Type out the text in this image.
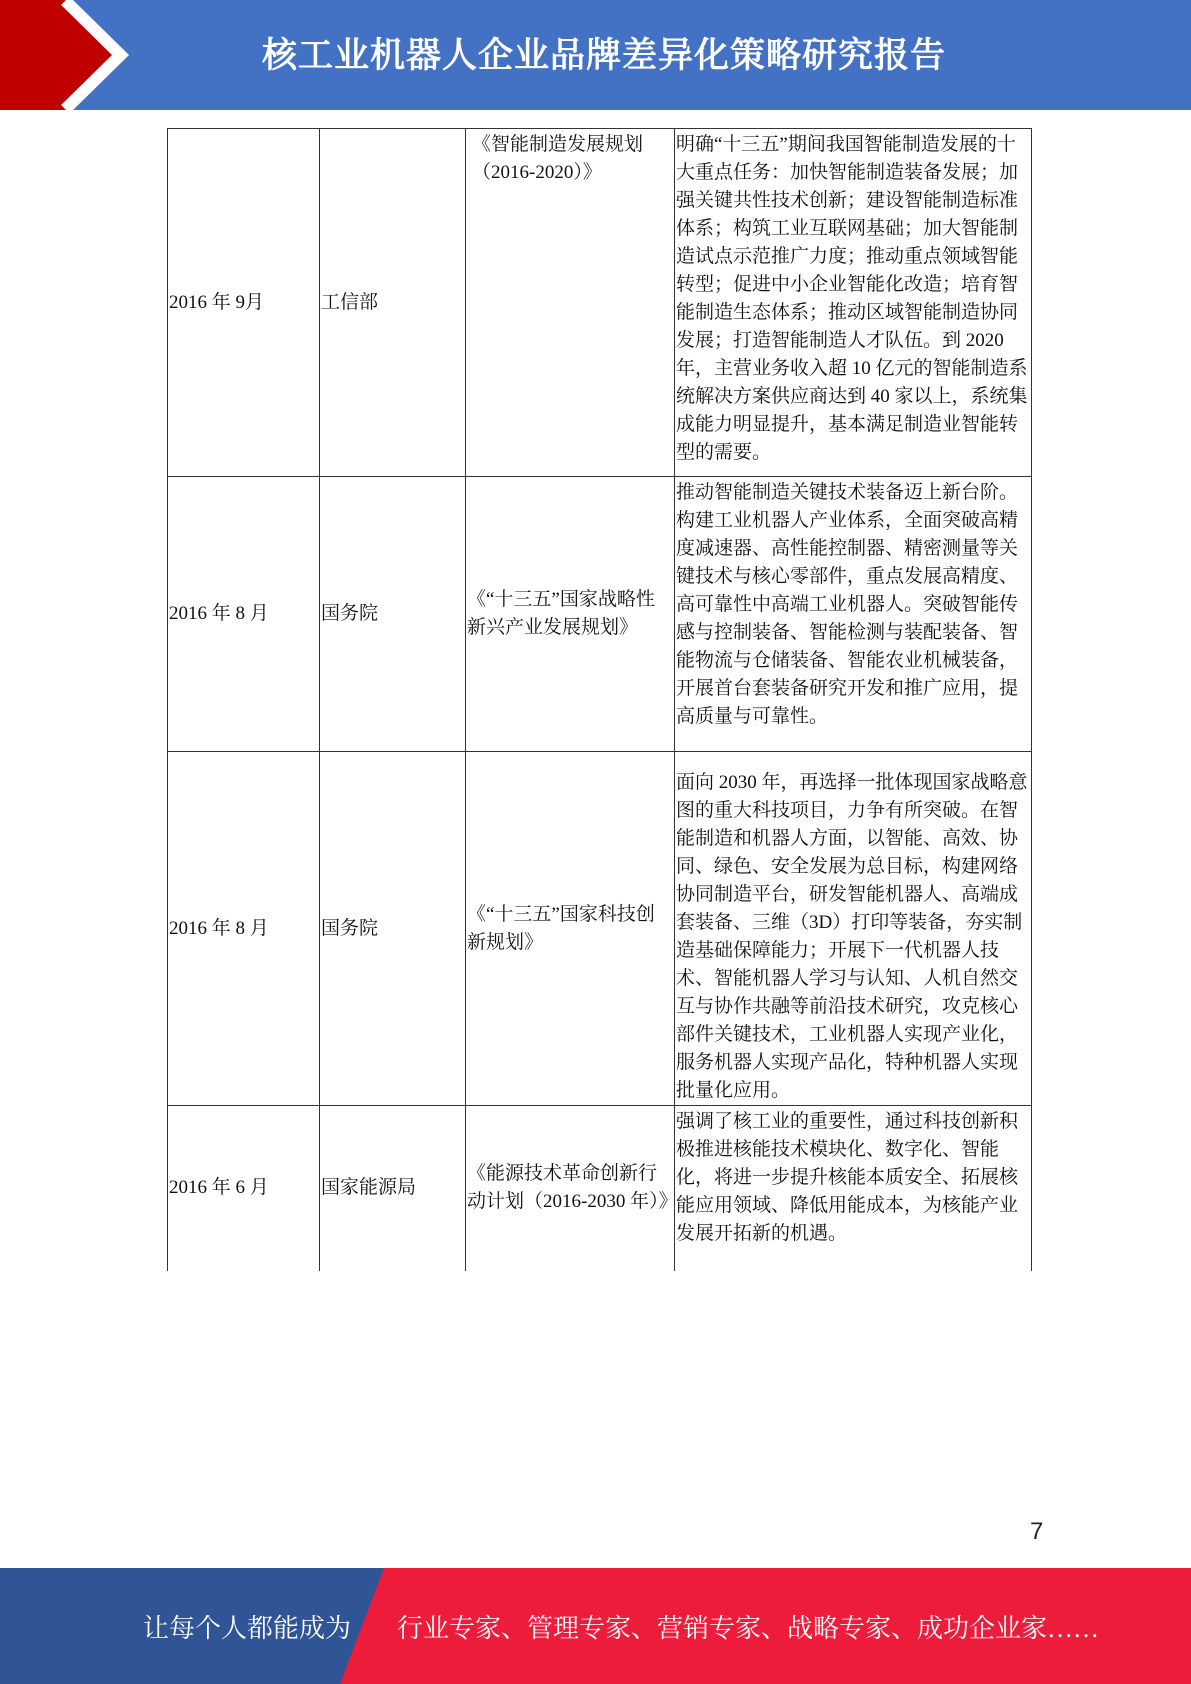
核工业机器人企业品牌差异化策略研究报告
2016 年 9月	工信部	《智能制造发展规划（2016-2020）》	明确“十三五”期间我国智能制造发展的十大重点任务：加快智能制造装备发展；加强关键共性技术创新；建设智能制造标准体系；构筑工业互联网基础；加大智能制造试点示范推广力度；推动重点领域智能转型；促进中小企业智能化改造；培育智能制造生态体系；推动区域智能制造协同发展；打造智能制造人才队伍。到 2020 年，主营业务收入超 10 亿元的智能制造系统解决方案供应商达到 40 家以上，系统集成能力明显提升，基本满足制造业智能转型的需要。
2016 年 8 月	国务院	《“十三五”国家战略性新兴产业发展规划》	推动智能制造关键技术装备迈上新台阶。构建工业机器人产业体系，全面突破高精度减速器、高性能控制器、精密测量等关键技术与核心零部件，重点发展高精度、高可靠性中高端工业机器人。突破智能传感与控制装备、智能检测与装配装备、智能物流与仓储装备、智能农业机械装备，开展首台套装备研究开发和推广应用，提高质量与可靠性。
2016 年 8 月	国务院	《“十三五”国家科技创新规划》	面向 2030 年，再选择一批体现国家战略意图的重大科技项目，力争有所突破。在智能制造和机器人方面，以智能、高效、协同、绿色、安全发展为总目标，构建网络协同制造平台，研发智能机器人、高端成套装备、三维（3D）打印等装备，夯实制造基础保障能力；开展下一代机器人技术、智能机器人学习与认知、人机自然交互与协作共融等前沿技术研究，攻克核心部件关键技术，工业机器人实现产业化，服务机器人实现产品化，特种机器人实现批量化应用。
2016 年 6 月	国家能源局	《能源技术革命创新行动计划（2016-2030 年）》	强调了核工业的重要性，通过科技创新积极推进核能技术模块化、数字化、智能化，将进一步提升核能本质安全、拓展核能应用领域、降低用能成本，为核能产业发展开拓新的机遇。
7
让每个人都能成为 行业专家、管理专家、营销专家、战略专家、成功企业家……
